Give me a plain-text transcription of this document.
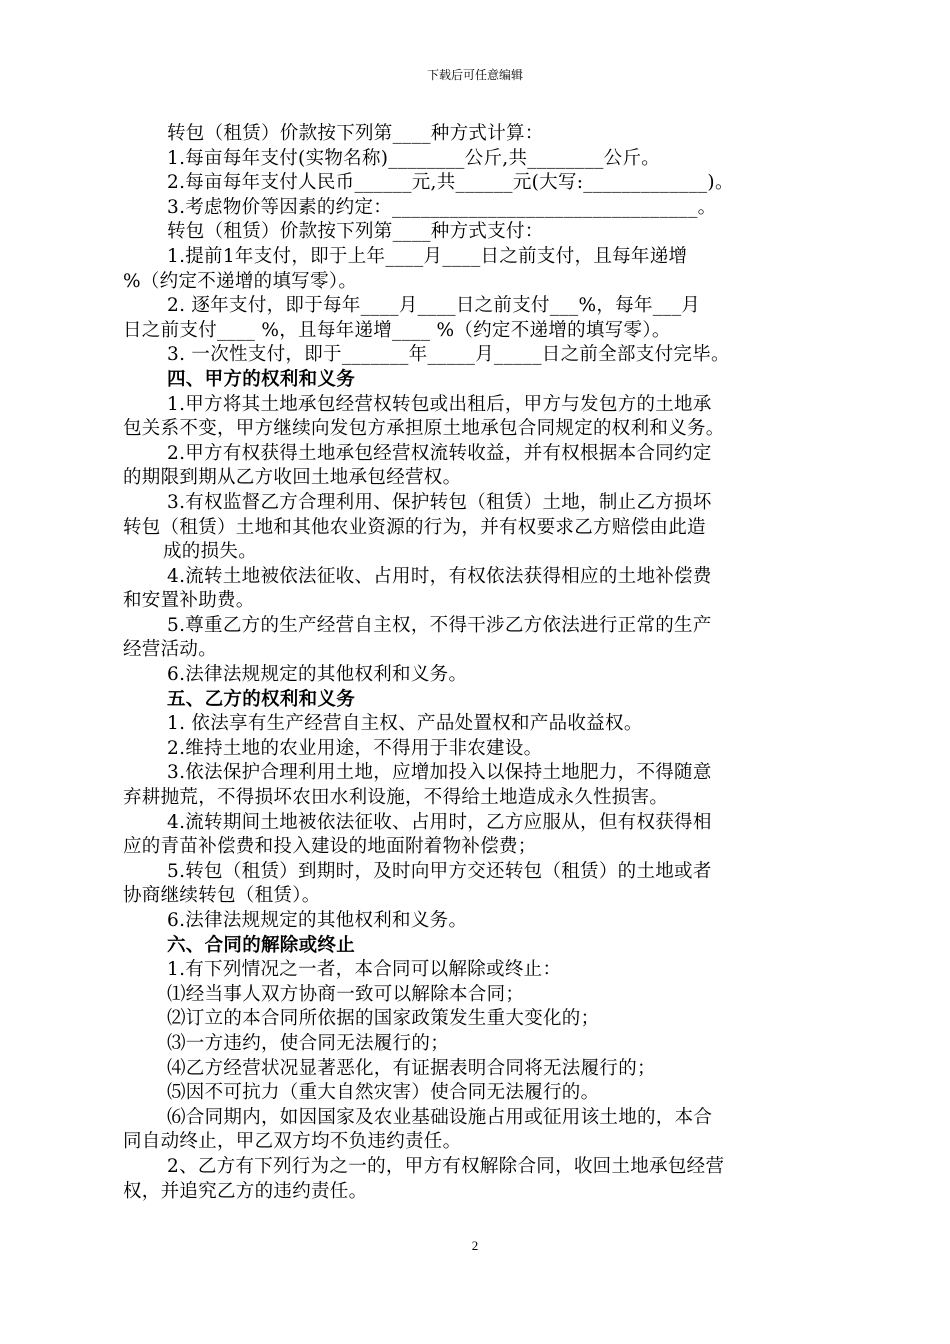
下载后可任意编辑
转包（租赁）价款按下列第____种方式计算：
1.每亩每年支付(实物名称)________公斤,共________公斤。
2.每亩每年支付人民币______元,共______元(大写:_____________)。
3.考虑物价等因素的约定：________________________________。
转包（租赁）价款按下列第____种方式支付：
1.提前1年支付，即于上年____月____日之前支付，且每年递增
%（约定不递增的填写零）。
2. 逐年支付，即于每年____月____日之前支付___%，每年___月
日之前支付____ %，且每年递增____ %（约定不递增的填写零）。
3. 一次性支付，即于_______年_____月_____日之前全部支付完毕。
四、甲方的权利和义务
1.甲方将其土地承包经营权转包或出租后，甲方与发包方的土地承
包关系不变，甲方继续向发包方承担原土地承包合同规定的权利和义务。
2.甲方有权获得土地承包经营权流转收益，并有权根据本合同约定
的期限到期从乙方收回土地承包经营权。
3.有权监督乙方合理利用、保护转包（租赁）土地，制止乙方损坏
转包（租赁）土地和其他农业资源的行为，并有权要求乙方赔偿由此造
成的损失。
4.流转土地被依法征收、占用时，有权依法获得相应的土地补偿费
和安置补助费。
5.尊重乙方的生产经营自主权，不得干涉乙方依法进行正常的生产
经营活动。
6.法律法规规定的其他权利和义务。
五、乙方的权利和义务
1. 依法享有生产经营自主权、产品处置权和产品收益权。
2.维持土地的农业用途，不得用于非农建设。
3.依法保护合理利用土地，应增加投入以保持土地肥力，不得随意
弃耕抛荒，不得损坏农田水利设施，不得给土地造成永久性损害。
4.流转期间土地被依法征收、占用时，乙方应服从，但有权获得相
应的青苗补偿费和投入建设的地面附着物补偿费；
5.转包（租赁）到期时，及时向甲方交还转包（租赁）的土地或者
协商继续转包（租赁）。
6.法律法规规定的其他权利和义务。
六、合同的解除或终止
1.有下列情况之一者，本合同可以解除或终止：
⑴经当事人双方协商一致可以解除本合同；
⑵订立的本合同所依据的国家政策发生重大变化的；
⑶一方违约，使合同无法履行的；
⑷乙方经营状况显著恶化，有证据表明合同将无法履行的；
⑸因不可抗力（重大自然灾害）使合同无法履行的。
⑹合同期内，如因国家及农业基础设施占用或征用该土地的，本合
同自动终止，甲乙双方均不负违约责任。
2、乙方有下列行为之一的，甲方有权解除合同，收回土地承包经营
权，并追究乙方的违约责任。
2
